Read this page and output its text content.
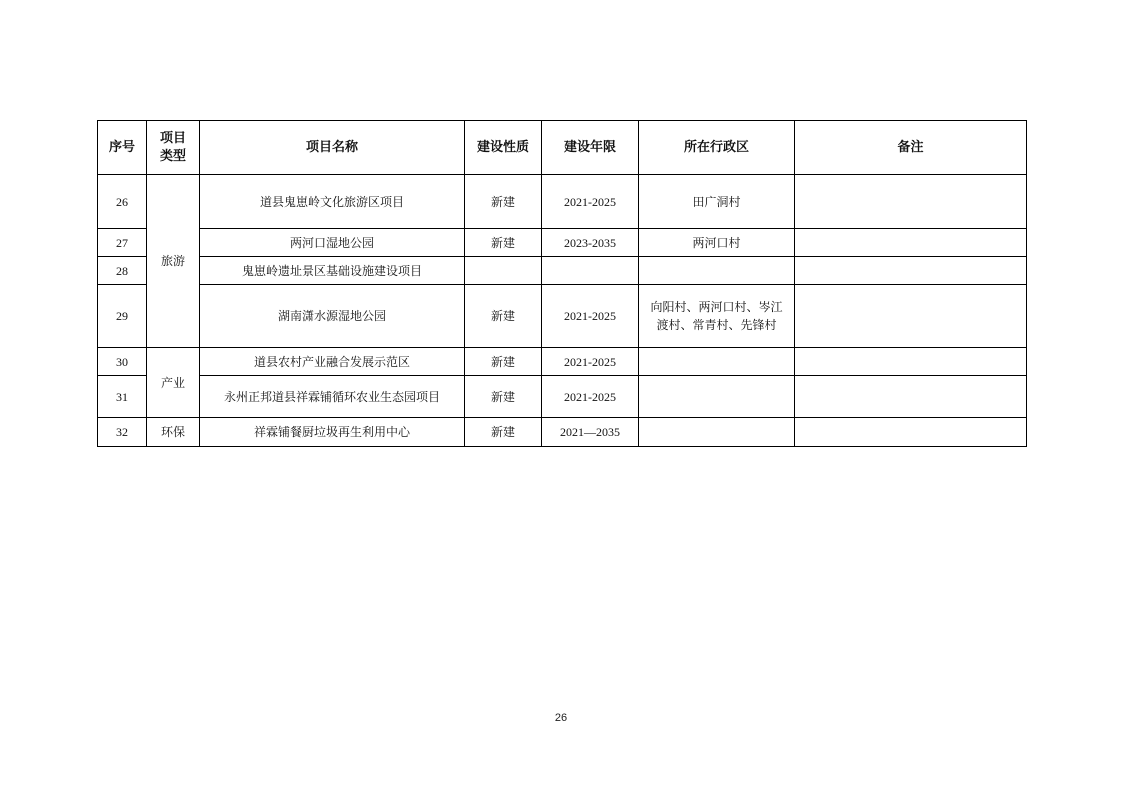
序号	项目类型	项目名称	建设性质	建设年限	所在行政区	备注
26	旅游	道县鬼崽岭文化旅游区项目	新建	2021-2025	田广洞村	
27		两河口湿地公园	新建	2023-2035	两河口村	
28		鬼崽岭遗址景区基础设施建设项目				
29		湖南潇水源湿地公园	新建	2021-2025	向阳村、两河口村、岑江渡村、常青村、先锋村	
30	产业	道县农村产业融合发展示范区	新建	2021-2025		
31		永州正邦道县祥霖铺循环农业生态园项目	新建	2021-2025		
32	环保	祥霖铺餐厨垃圾再生利用中心	新建	2021—2035		
26
